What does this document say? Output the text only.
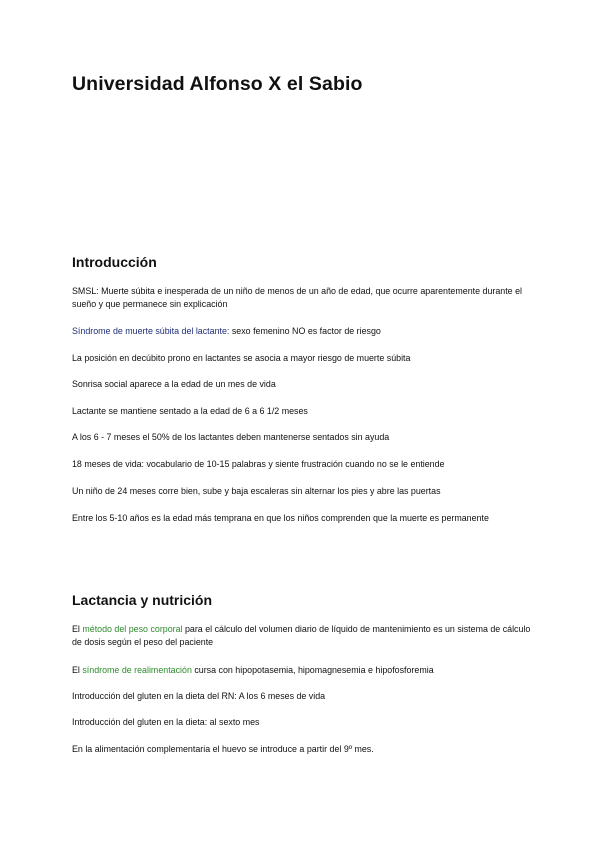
Universidad Alfonso X el Sabio
Introducción

SMSL: Muerte súbita e inesperada de un niño de menos de un año de edad, que ocurre aparentemente durante el sueño y que permanece sin explicación

Síndrome de muerte súbita del lactante: sexo femenino NO es factor de riesgo

La posición en decúbito prono en lactantes se asocia a mayor riesgo de muerte súbita

Sonrisa social aparece a la edad de un mes de vida

Lactante se mantiene sentado a la edad de 6 a 6 1/2 meses

A los 6 - 7 meses el 50% de los lactantes deben mantenerse sentados sin ayuda

18 meses de vida: vocabulario de 10-15 palabras y siente frustración cuando no se le entiende

Un niño de 24 meses corre bien, sube y baja escaleras sin alternar los pies y abre las puertas

Entre los 5-10 años es la edad más temprana en que los niños comprenden que la muerte es permanente

Lactancia y nutrición

El método del peso corporal para el cálculo del volumen diario de líquido de mantenimiento es un sistema de cálculo de dosis según el peso del paciente

El síndrome de realimentación cursa con hipopotasemia, hipomagnesemia e hipofosforemia

Introducción del gluten en la dieta del RN: A los 6 meses de vida

Introducción del gluten en la dieta: al sexto mes

En la alimentación complementaria el huevo se introduce a partir del 9º mes.
